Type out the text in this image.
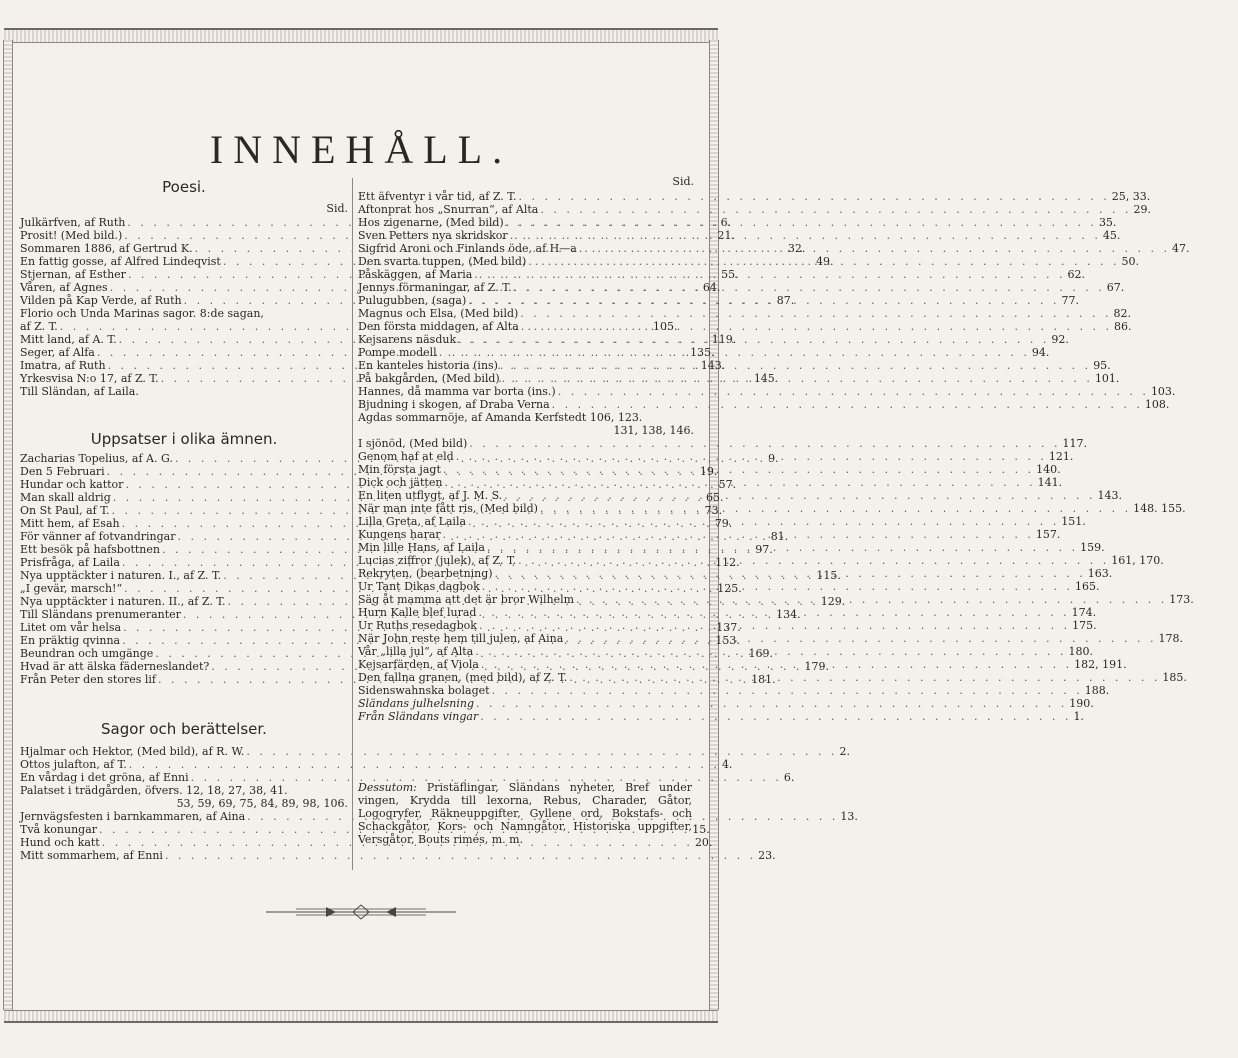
INNEHÅLL.
Poesi.
Sid.
Julkärfven, af Ruth . . .	6.
Prosit! (Med bild.) . . .	21.
Sommaren 1886, af Gertrud K. . . .	32.
En fattig gosse, af Alfred Lindeqvist . . .	49.
Stjernan, af Esther . . .	55.
Våren, af Agnes . . .	64.
Vilden på Kap Verde, af Ruth . . .	87.
Florio och Unda Marinas sagor. 8:de sagan,
af Z. T. . . .	105.
Mitt land, af A. T. . . .	119.
Seger, af Alfa . . .	135.
Imatra, af Ruth . . .	143.
Yrkesvisa N:o 17, af Z. T. . . .	145.
Till Sländan, af Laila.
Uppsatser i olika ämnen.
Zacharias Topelius, af A. G. . . .	9.
Den 5 Februari . . .	19.
Hundar och kattor . . .	57.
Man skall aldrig . . .	65.
On St Paul, af T. . . .	73.
Mitt hem, af Esah . . .	79.
För vänner af fotvandringar . . .	81.
Ett besök på hafsbottnen . . .	97.
Prisfråga, af Laila . . .	112.
Nya upptäckter i naturen. I., af Z. T. . . .	115.
„I gevär, marsch!“ . . .	125.
Nya upptäckter i naturen. II., af Z. T. . . .	129.
Till Sländans prenumeranter . . .	134.
Litet om vår helsa . . .	137.
En präktig qvinna . . .	153.
Beundran och umgänge . . .	169.
Hvad är att älska fäderneslandet? . . .	179.
Från Peter den stores lif . . .	181.
Sagor och berättelser.
Hjalmar och Hektor, (Med bild), af R. W. . . .	2.
Ottos julafton, af T. . . .	4.
En vårdag i det gröna, af Enni . . .	6.
Palatset i trädgården, öfvers. 12, 18, 27, 38, 41.
53, 59, 69, 75, 84, 89, 98, 106.
Jernvägsfesten i barnkammaren, af Aina . . .	13.
Två konungar . . .	15.
Hund och katt . . .	20.
Mitt sommarhem, af Enni . . .	23.
Sid.
Ett äfventyr i vår tid, af Z. T. . . .	25, 33.
Aftonprat hos „Snurran“, af Alta . . .	29.
Hos zigenarne, (Med bild) . . .	35.
Sven Petters nya skridskor . . .	45.
Sigfrid Aroni och Finlands öde, af H—a . . .	47.
Den svarta tuppen, (Med bild) . . .	50.
Påskäggen, af Maria . . .	62.
Jennys förmaningar, af Z. T. . . .	67.
Pulugubben, (saga) . . .	77.
Magnus och Elsa, (Med bild) . . .	82.
Den första middagen, af Alta . . .	86.
Kejsarens näsduk . . .	92.
Pompe modell . . .	94.
En kanteles historia (ins) . . .	95.
På bakgården, (Med bild) . . .	101.
Hannes, då mamma var borta (ins.) . . .	103.
Bjudning i skogen, af Draba Verna . . .	108.
Agdas sommarnöje, af Amanda Kerfstedt 106, 123.
131, 138, 146.
I sjönöd, (Med bild) . . .	117.
Genom haf at eld . . .	121.
Min första jagt . . .	140.
Dick och jätten . . .	141.
En liten utflygt, af J. M. S. . . .	143.
När man inte fått ris, (Med bild) . . .	148. 155.
Lilla Greta, af Laila . . .	151.
Kungens harar . . .	157.
Min lille Hans, af Laila . . .	159.
Lucias ziffror (julek), af Z. T. . . .	161, 170.
Rekryten, (bearbetning) . . .	163.
Ur Tant Dikas dagbok . . .	165.
Säg åt mamma att det är bror Wilhelm . . .	173.
Hurn Kalle blef lurad . . .	174.
Ur Ruths resedagbok . . .	175.
När John reste hem till julen, af Aina . . .	178.
Vår „lilla jul“, af Alta . . .	180.
Kejsarfärden, af Viola . . .	182, 191.
Den fallna granen, (med bild), af Z. T. . . .	185.
Sidenswahnska bolaget . . .	188.
Sländans julhelsning . . .	190.
Från Sländans vingar . . .	1.
Dessutom: Pristäflingar, Sländans nyheter, Bref under vingen, Krydda till lexorna, Rebus, Charader, Gåtor, Logogryfer, Räkneuppgifter, Gyllene ord, Bokstafs- och Schackgåtor, Kors- och Namngåtor, Historiska uppgifter, Versgåtor, Bouts rimés, m. m.
